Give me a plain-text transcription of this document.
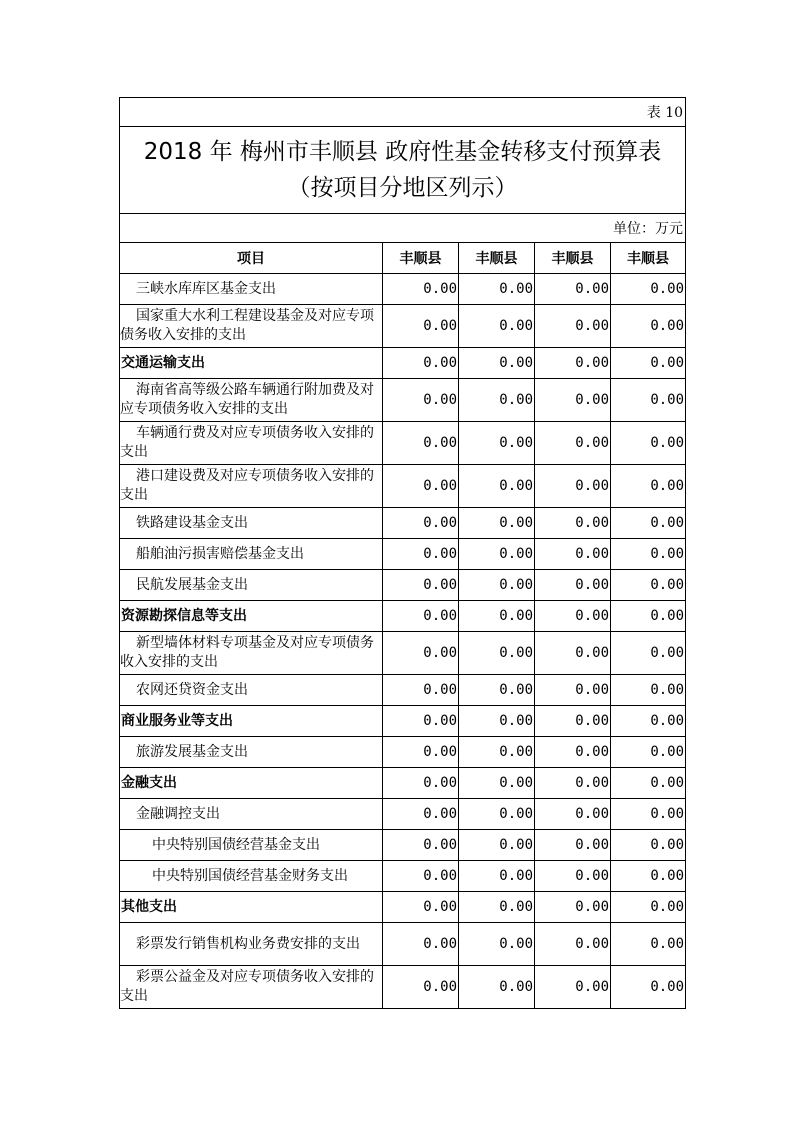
表 10				

2018 年 梅州市丰顺县 政府性基金转移支付预算表
（按项目分地区列示）				

单位：万元				
项目	丰顺县	丰顺县	丰顺县	丰顺县

三峡水库库区基金支出	0.00	0.00	0.00	0.00

国家重大水利工程建设基金及对应专项债务收入安排的支出	0.00	0.00	0.00	0.00

交通运输支出	0.00	0.00	0.00	0.00

海南省高等级公路车辆通行附加费及对应专项债务收入安排的支出	0.00	0.00	0.00	0.00

车辆通行费及对应专项债务收入安排的支出	0.00	0.00	0.00	0.00

港口建设费及对应专项债务收入安排的支出	0.00	0.00	0.00	0.00

铁路建设基金支出	0.00	0.00	0.00	0.00

船舶油污损害赔偿基金支出	0.00	0.00	0.00	0.00

民航发展基金支出	0.00	0.00	0.00	0.00

资源勘探信息等支出	0.00	0.00	0.00	0.00

新型墙体材料专项基金及对应专项债务收入安排的支出	0.00	0.00	0.00	0.00

农网还贷资金支出	0.00	0.00	0.00	0.00

商业服务业等支出	0.00	0.00	0.00	0.00

旅游发展基金支出	0.00	0.00	0.00	0.00

金融支出	0.00	0.00	0.00	0.00

金融调控支出	0.00	0.00	0.00	0.00

中央特别国债经营基金支出	0.00	0.00	0.00	0.00

中央特别国债经营基金财务支出	0.00	0.00	0.00	0.00

其他支出	0.00	0.00	0.00	0.00

彩票发行销售机构业务费安排的支出	0.00	0.00	0.00	0.00

彩票公益金及对应专项债务收入安排的支出	0.00	0.00	0.00	0.00
